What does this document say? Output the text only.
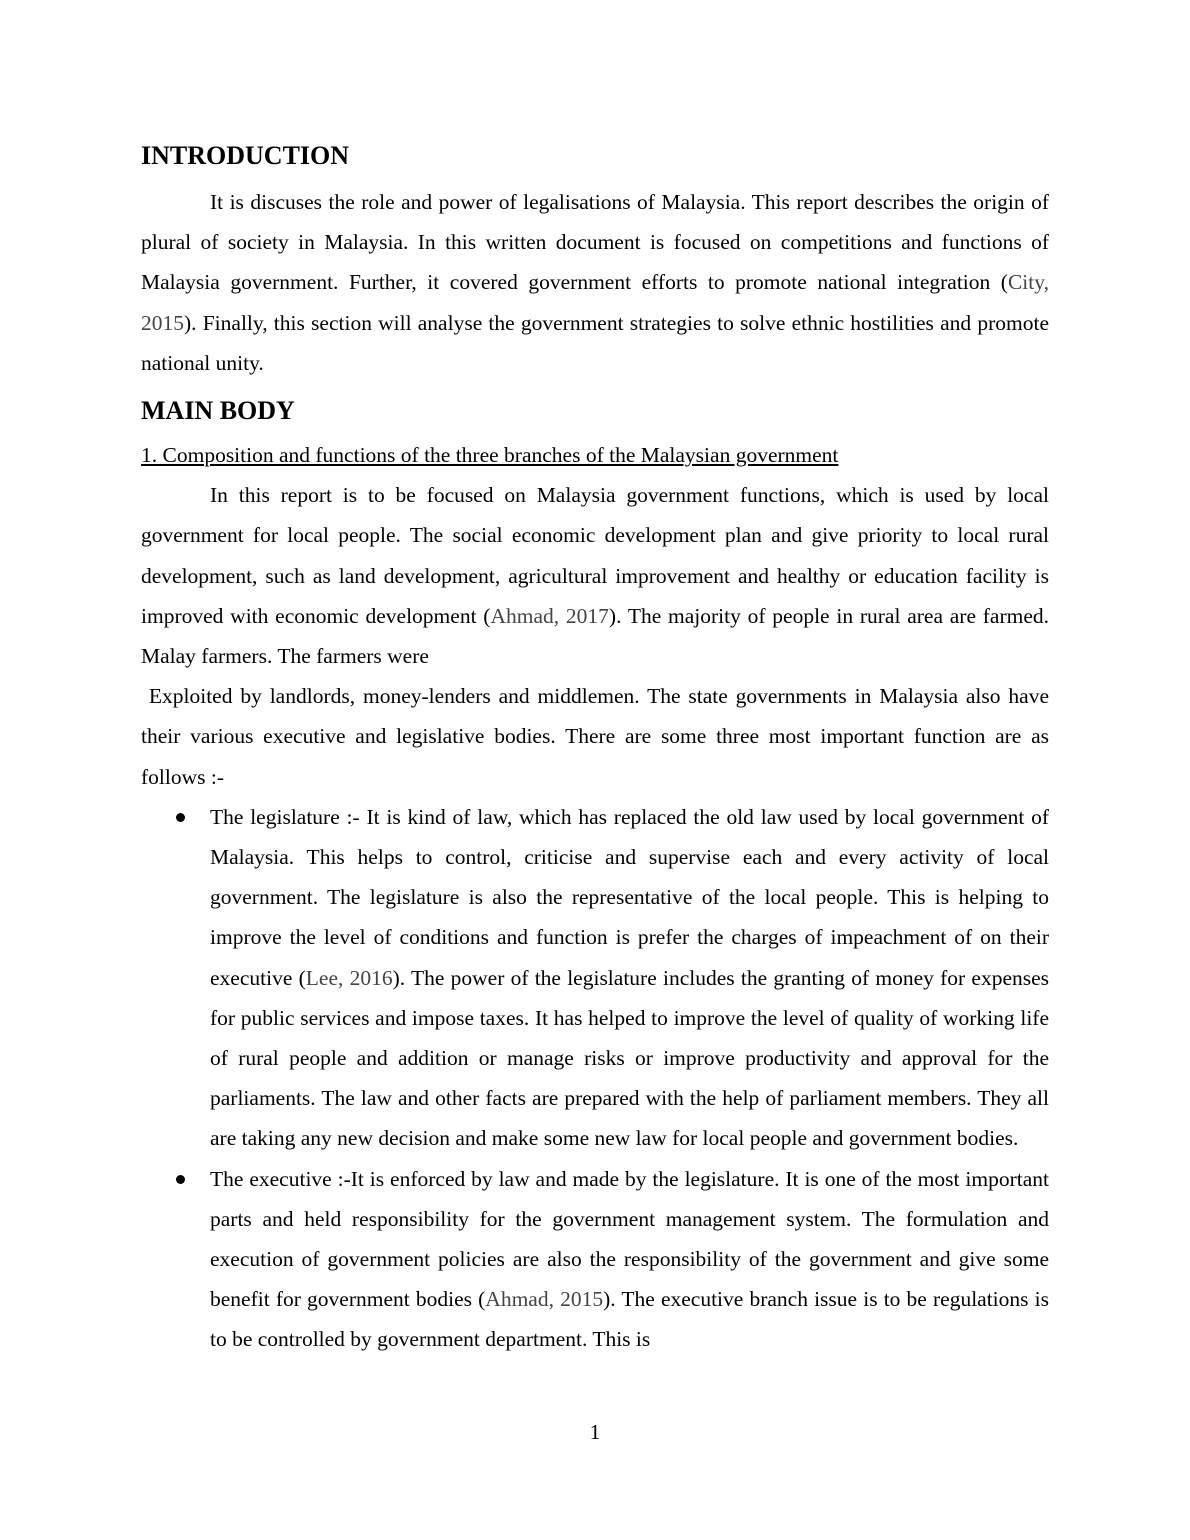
INTRODUCTION

It is discuses the role and power of legalisations of Malaysia. This report describes the origin of plural of society in Malaysia. In this written document is focused on competitions and functions of Malaysia government. Further, it covered government efforts to promote national integration (City, 2015). Finally, this section will analyse the government strategies to solve ethnic hostilities and promote national unity.

MAIN BODY

1. Composition and functions of the three branches of the Malaysian government

In this report is to be focused on Malaysia government functions, which is used by local government for local people. The social economic development plan and give priority to local rural development, such as land development, agricultural improvement and healthy or education facility is improved with economic development (Ahmad, 2017). The majority of people in rural area are farmed. Malay farmers. The farmers were

Exploited by landlords, money-lenders and middlemen. The state governments in Malaysia also have their various executive and legislative bodies. There are some three most important function are as follows :-

The legislature :- It is kind of law, which has replaced the old law used by local government of Malaysia. This helps to control, criticise and supervise each and every activity of local government. The legislature is also the representative of the local people. This is helping to improve the level of conditions and function is prefer the charges of impeachment of on their executive (Lee, 2016). The power of the legislature includes the granting of money for expenses for public services and impose taxes. It has helped to improve the level of quality of working life of rural people and addition or manage risks or improve productivity and approval for the parliaments. The law and other facts are prepared with the help of parliament members. They all are taking any new decision and make some new law for local people and government bodies.

The executive :-It is enforced by law and made by the legislature. It is one of the most important parts and held responsibility for the government management system. The formulation and execution of government policies are also the responsibility of the government and give some benefit for government bodies (Ahmad, 2015). The executive branch issue is to be regulations is to be controlled by government department. This is

1
